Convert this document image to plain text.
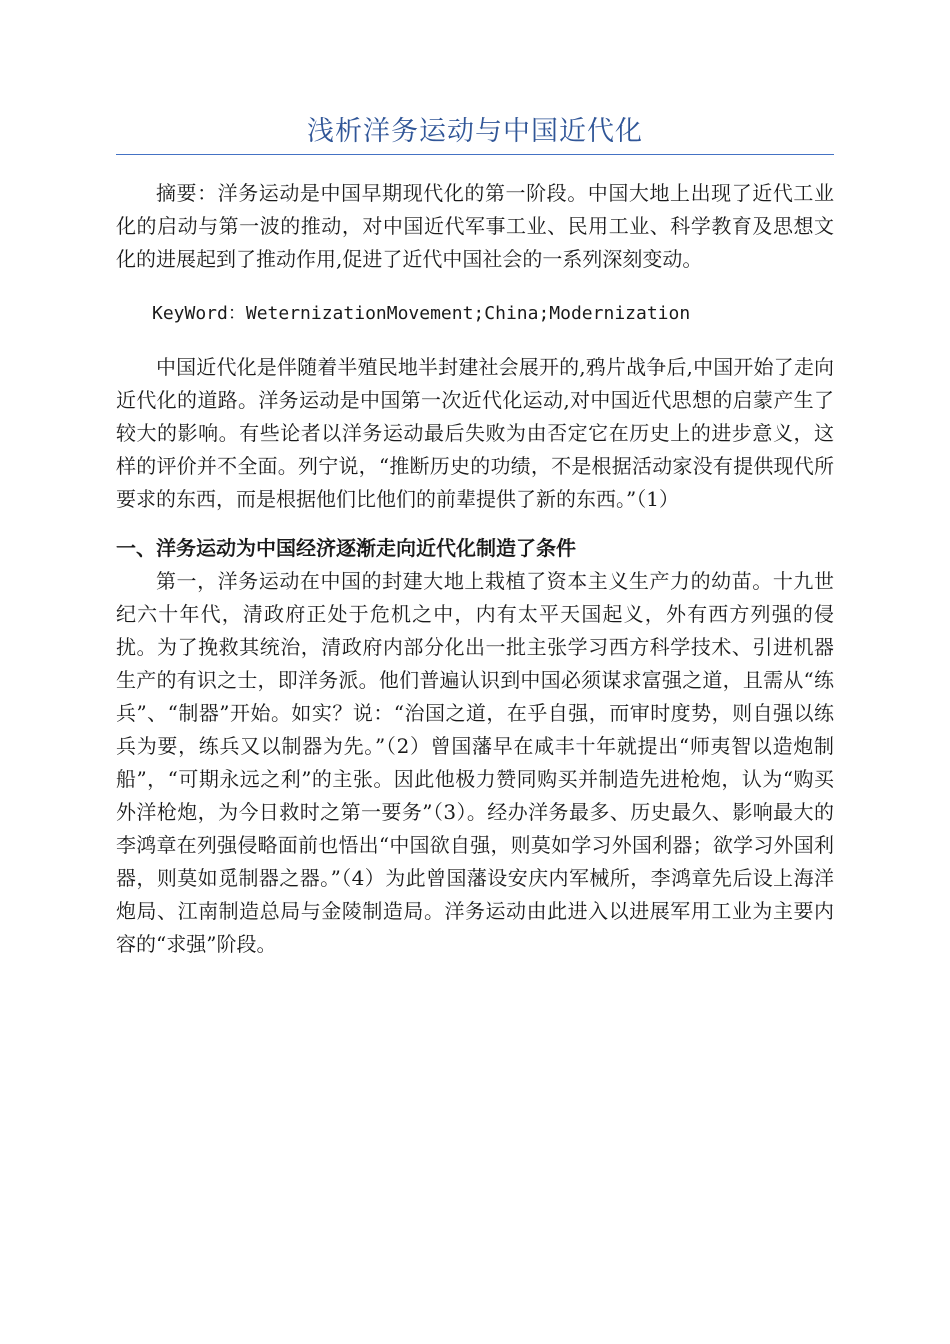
浅析洋务运动与中国近代化

摘要：洋务运动是中国早期现代化的第一阶段。中国大地上出现了近代工业化的启动与第一波的推动，对中国近代军事工业、民用工业、科学教育及思想文化的进展起到了推动作用,促进了近代中国社会的一系列深刻变动。

KeyWord：WeternizationMovement;China;Modernization

中国近代化是伴随着半殖民地半封建社会展开的,鸦片战争后,中国开始了走向近代化的道路。洋务运动是中国第一次近代化运动,对中国近代思想的启蒙产生了较大的影响。有些论者以洋务运动最后失败为由否定它在历史上的进步意义，这样的评价并不全面。列宁说，“推断历史的功绩，不是根据活动家没有提供现代所要求的东西，而是根据他们比他们的前辈提供了新的东西。”（1）

一、洋务运动为中国经济逐渐走向近代化制造了条件

第一，洋务运动在中国的封建大地上栽植了资本主义生产力的幼苗。十九世纪六十年代，清政府正处于危机之中，内有太平天国起义，外有西方列强的侵扰。为了挽救其统治，清政府内部分化出一批主张学习西方科学技术、引进机器生产的有识之士，即洋务派。他们普遍认识到中国必须谋求富强之道，且需从“练兵”、“制器”开始。如实？说：“治国之道，在乎自强，而审时度势，则自强以练兵为要，练兵又以制器为先。”（2）曾国藩早在咸丰十年就提出“师夷智以造炮制船”，“可期永远之利”的主张。因此他极力赞同购买并制造先进枪炮，认为“购买外洋枪炮，为今日救时之第一要务”（3）。经办洋务最多、历史最久、影响最大的李鸿章在列强侵略面前也悟出“中国欲自强，则莫如学习外国利器；欲学习外国利器，则莫如觅制器之器。”（4）为此曾国藩设安庆内军械所，李鸿章先后设上海洋炮局、江南制造总局与金陵制造局。洋务运动由此进入以进展军用工业为主要内容的“求强”阶段。
